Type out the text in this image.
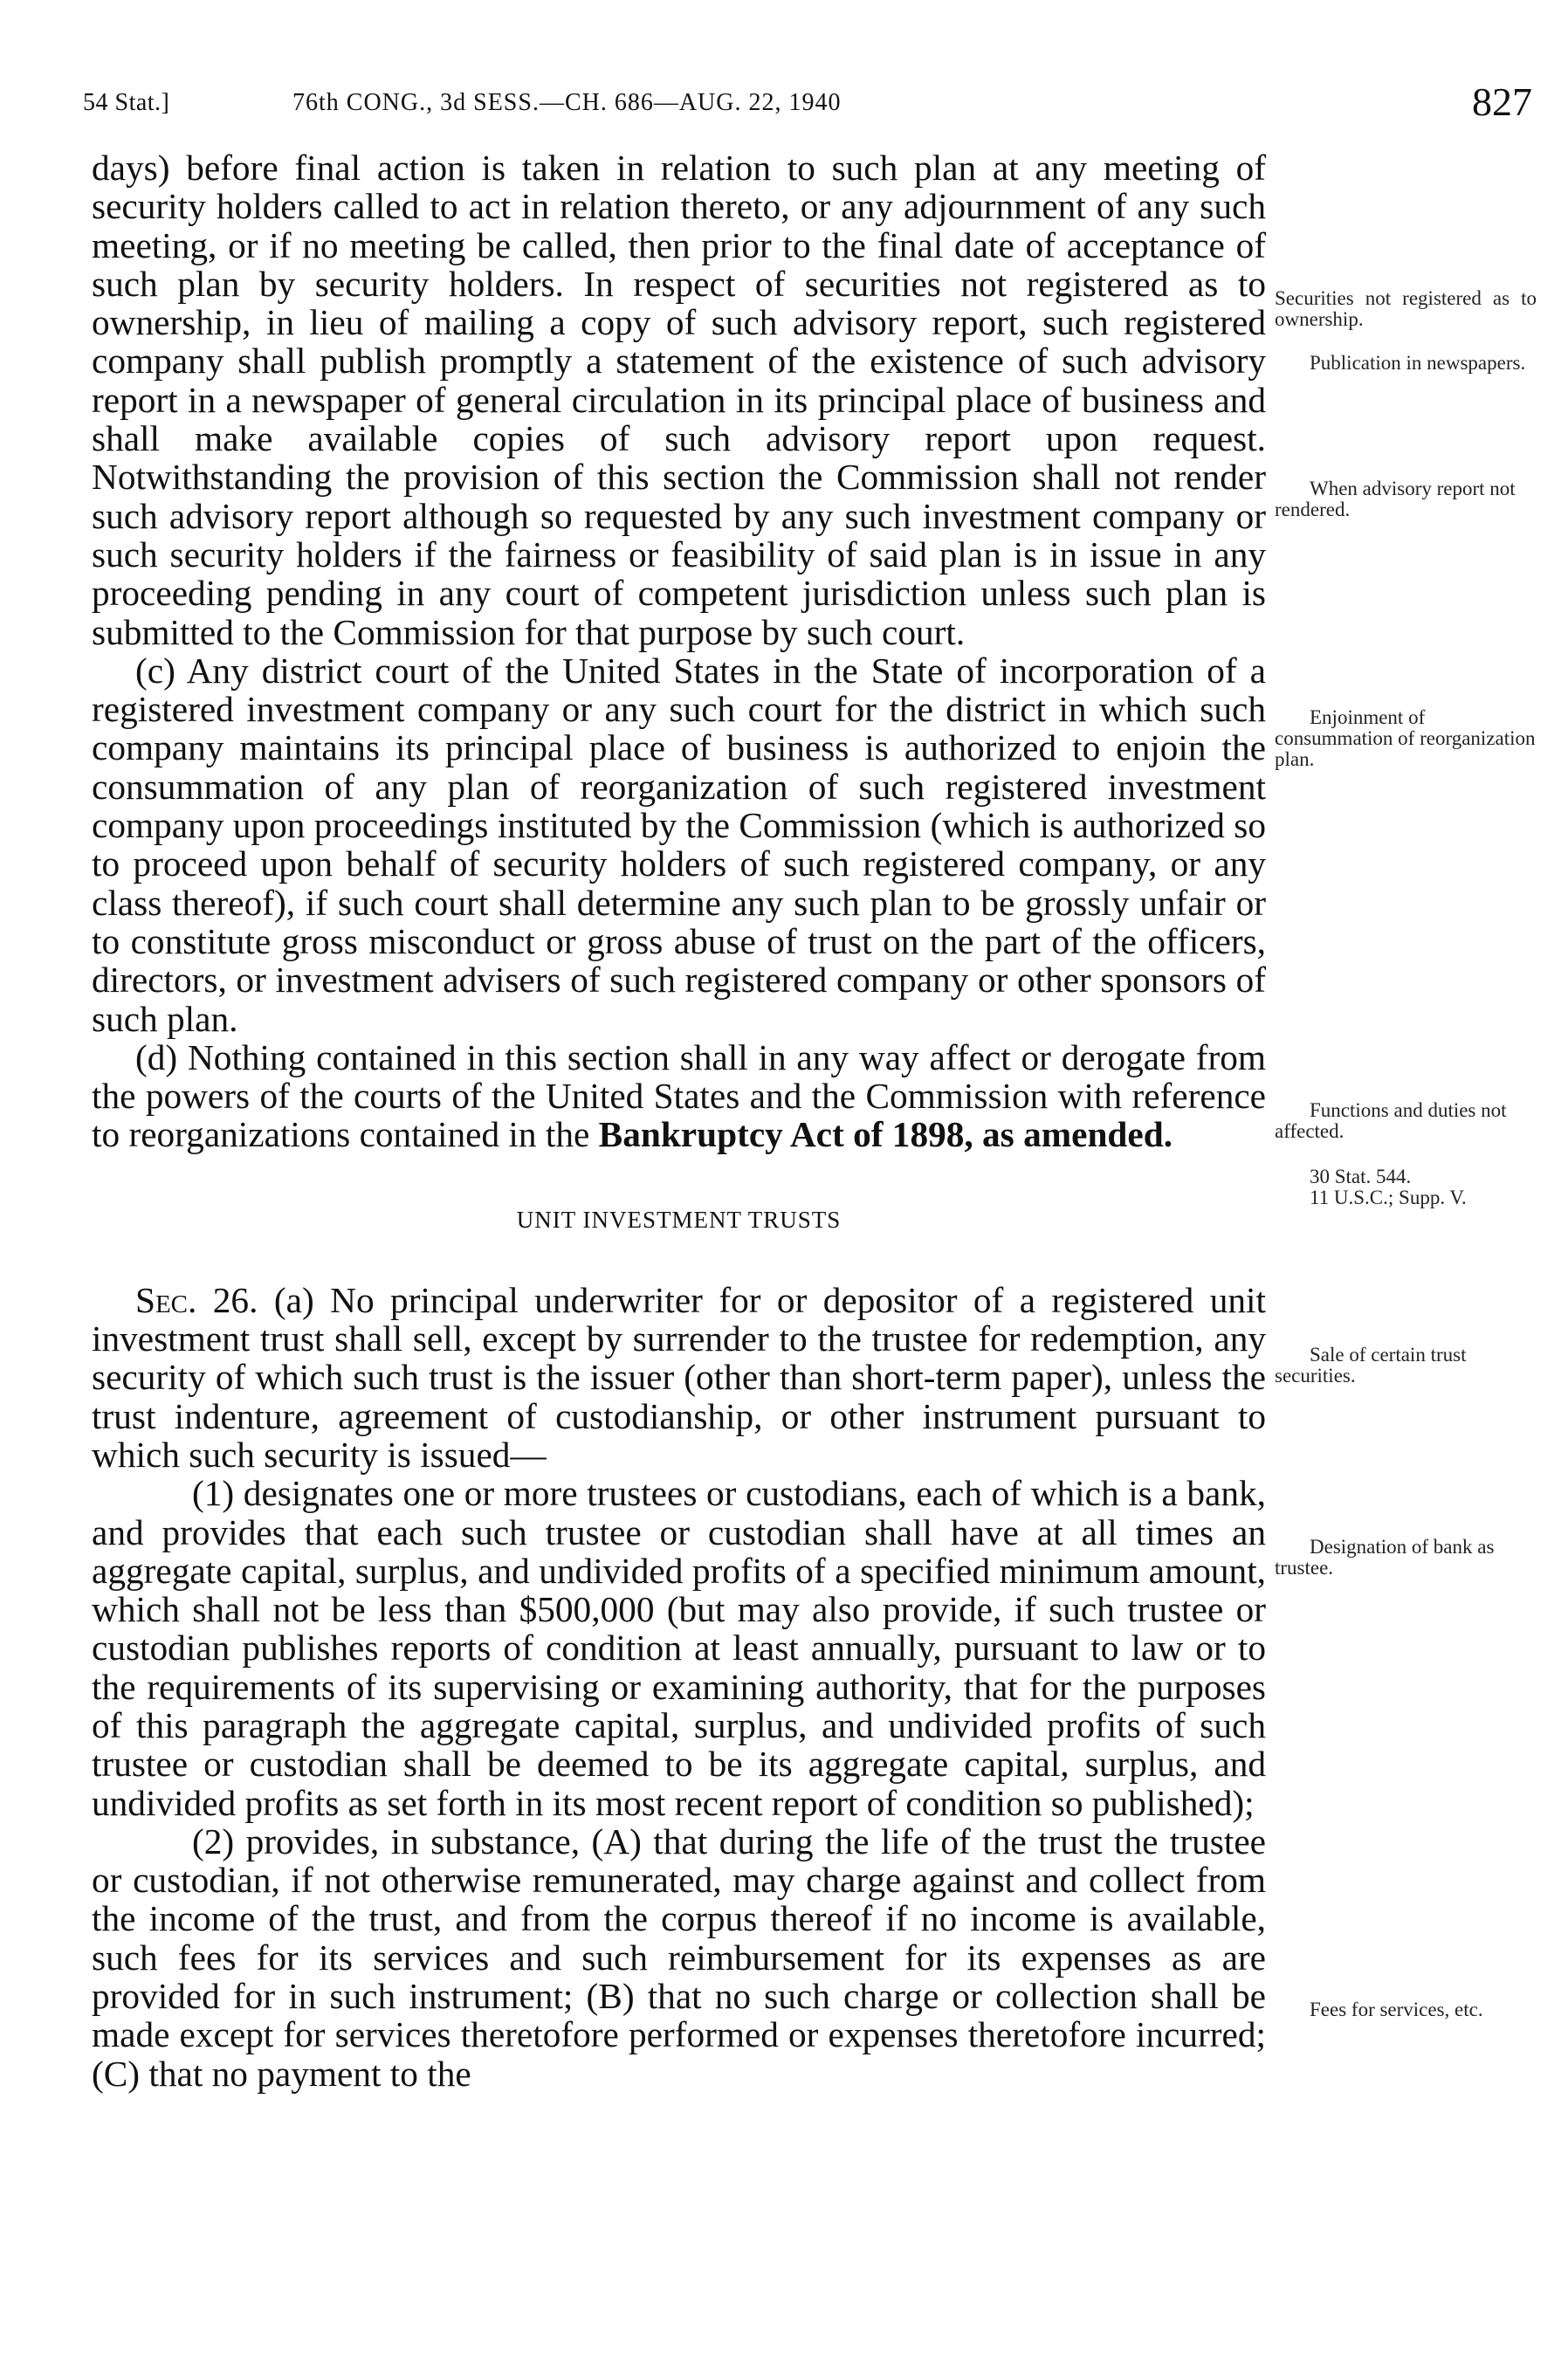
54 Stat.]	76th CONG., 3d SESS.—CH. 686—AUG. 22, 1940	827

days) before final action is taken in relation to such plan at any meeting of security holders called to act in relation thereto, or any adjournment of any such meeting, or if no meeting be called, then prior to the final date of acceptance of such plan by security holders. In respect of securities not registered as to ownership, in lieu of mailing a copy of such advisory report, such registered company shall publish promptly a statement of the existence of such advisory report in a newspaper of general circulation in its principal place of business and shall make available copies of such advisory report upon request. Notwithstanding the provision of this section the Commission shall not render such advisory report although so requested by any such investment company or such security holders if the fairness or feasibility of said plan is in issue in any proceeding pending in any court of competent jurisdiction unless such plan is submitted to the Commission for that purpose by such court.

(c) Any district court of the United States in the State of incorporation of a registered investment company or any such court for the district in which such company maintains its principal place of business is authorized to enjoin the consummation of any plan of reorganization of such registered investment company upon proceedings instituted by the Commission (which is authorized so to proceed upon behalf of security holders of such registered company, or any class thereof), if such court shall determine any such plan to be grossly unfair or to constitute gross misconduct or gross abuse of trust on the part of the officers, directors, or investment advisers of such registered company or other sponsors of such plan.

(d) Nothing contained in this section shall in any way affect or derogate from the powers of the courts of the United States and the Commission with reference to reorganizations contained in the Bankruptcy Act of 1898, as amended.

UNIT INVESTMENT TRUSTS

Sec. 26. (a) No principal underwriter for or depositor of a registered unit investment trust shall sell, except by surrender to the trustee for redemption, any security of which such trust is the issuer (other than short-term paper), unless the trust indenture, agreement of custodianship, or other instrument pursuant to which such security is issued—

(1) designates one or more trustees or custodians, each of which is a bank, and provides that each such trustee or custodian shall have at all times an aggregate capital, surplus, and undivided profits of a specified minimum amount, which shall not be less than $500,000 (but may also provide, if such trustee or custodian publishes reports of condition at least annually, pursuant to law or to the requirements of its supervising or examining authority, that for the purposes of this paragraph the aggregate capital, surplus, and undivided profits of such trustee or custodian shall be deemed to be its aggregate capital, surplus, and undivided profits as set forth in its most recent report of condition so published);

(2) provides, in substance, (A) that during the life of the trust the trustee or custodian, if not otherwise remunerated, may charge against and collect from the income of the trust, and from the corpus thereof if no income is available, such fees for its services and such reimbursement for its expenses as are provided for in such instrument; (B) that no such charge or collection shall be made except for services theretofore performed or expenses theretofore incurred; (C) that no payment to the

Securities not registered as to ownership.
Publication in newspapers.
When advisory report not rendered.
Enjoinment of consummation of reorganization plan.
Functions and duties not affected.
30 Stat. 544.
11 U.S.C.; Supp. V.
Sale of certain trust securities.
Designation of bank as trustee.
Fees for services, etc.
